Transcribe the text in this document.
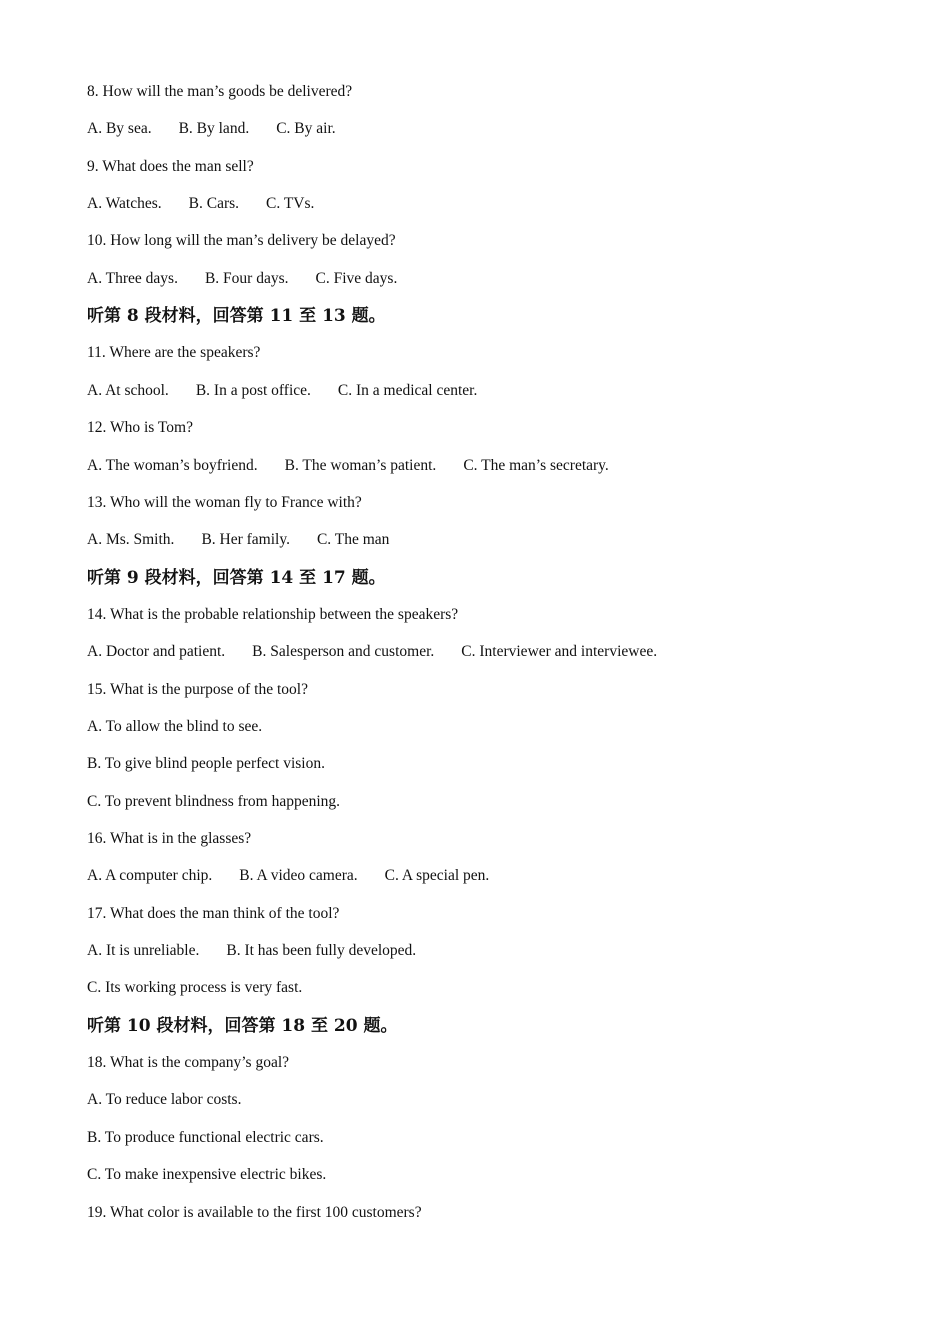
8. How will the man’s goods be delivered?
A. By sea. B. By land. C. By air.
9. What does the man sell?
A. Watches. B. Cars. C. TVs.
10. How long will the man’s delivery be delayed?
A. Three days. B. Four days. C. Five days.
听第 8 段材料，回答第 11 至 13 题。
11. Where are the speakers?
A. At school. B. In a post office. C. In a medical center.
12. Who is Tom?
A. The woman’s boyfriend. B. The woman’s patient. C. The man’s secretary.
13. Who will the woman fly to France with?
A. Ms. Smith. B. Her family. C. The man
听第 9 段材料，回答第 14 至 17 题。
14. What is the probable relationship between the speakers?
A. Doctor and patient. B. Salesperson and customer. C. Interviewer and interviewee.
15. What is the purpose of the tool?
A. To allow the blind to see.
B. To give blind people perfect vision.
C. To prevent blindness from happening.
16. What is in the glasses?
A. A computer chip. B. A video camera. C. A special pen.
17. What does the man think of the tool?
A. It is unreliable. B. It has been fully developed.
C. Its working process is very fast.
听第 10 段材料，回答第 18 至 20 题。
18. What is the company’s goal?
A. To reduce labor costs.
B. To produce functional electric cars.
C. To make inexpensive electric bikes.
19. What color is available to the first 100 customers?
